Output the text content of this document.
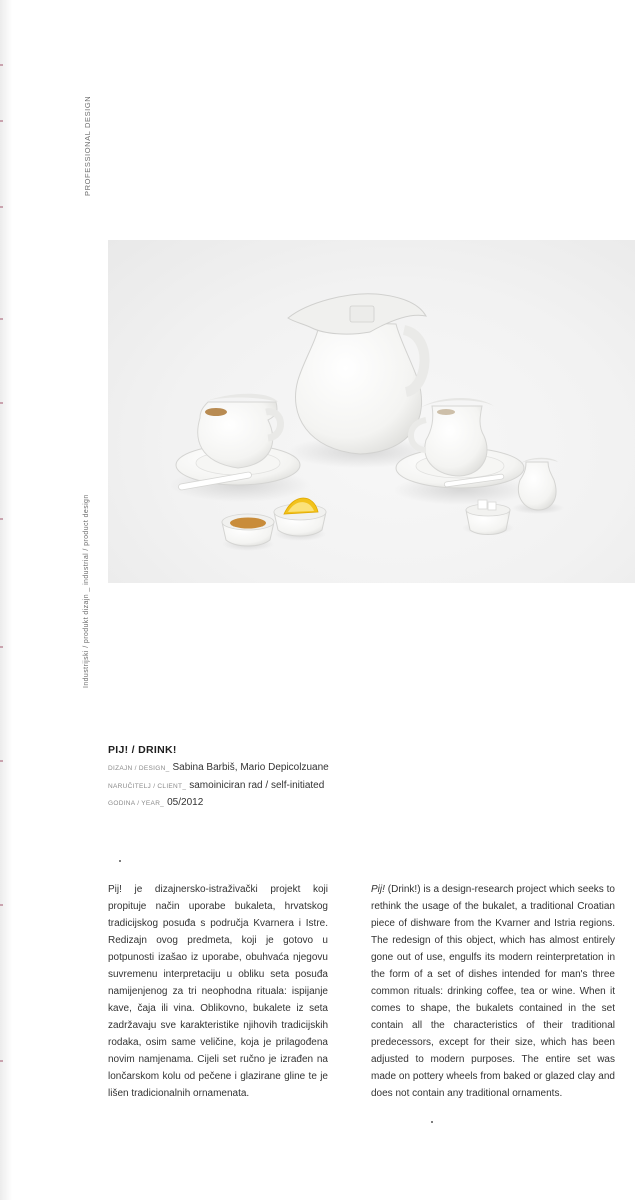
PROFESSIONAL DESIGN
Industrijski / produkt dizajn _ industrial / product design
PIJ! / DRINK!
DIZAJN / DESIGN_ Sabina Barbiš, Mario Depicolzuane
NARUČITELJ / CLIENT_ samoiniciran rad / self-initiated
GODINA / YEAR_ 05/2012

Pij! je dizajnersko-istraživački projekt koji propituje način uporabe bukaleta, hrvatskog tradicijskog posuđa s područja Kvarnera i Istre. Redizajn ovog predmeta, koji je gotovo u potpunosti izašao iz uporabe, obuhvaća njegovu suvremenu interpretaciju u obliku seta posuđa namijenjenog za tri neophodna rituala: ispijanje kave, čaja ili vina. Oblikovno, bukalete iz seta zadržavaju sve karakteristike njihovih tradicijskih rodaka, osim same veličine, koja je prilagođena novim namjenama. Cijeli set ručno je izrađen na lončarskom kolu od pečene i glazirane gline te je lišen tradicionalnih ornamenata.

Pij! (Drink!) is a design-research project which seeks to rethink the usage of the bukalet, a traditional Croatian piece of dishware from the Kvarner and Istria regions. The redesign of this object, which has almost entirely gone out of use, engulfs its modern reinterpretation in the form of a set of dishes intended for man's three common rituals: drinking coffee, tea or wine. When it comes to shape, the bukalets contained in the set contain all the characteristics of their traditional predecessors, except for their size, which has been adjusted to modern purposes. The entire set was made on pottery wheels from baked or glazed clay and does not contain any traditional ornaments.
